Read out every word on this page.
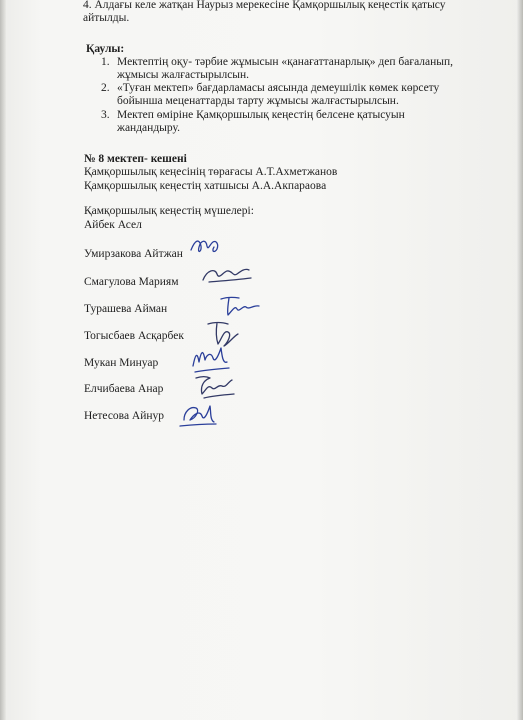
4. Алдағы келе жатқан Наурыз мерекесіне Қамқоршылық кеңестік қатысу
айтылды.
Қаулы:
1. Мектептің оқу- тәрбие жұмысын «қанағаттанарлық» деп бағаланып,
жұмысы жалғастырылсын.
2. «Туған мектеп» бағдарламасы аясында демеушілік көмек көрсету
бойынша меценаттарды тарту жұмысы жалғастырылсын.
3. Мектеп өміріне Қамқоршылық кеңестің белсене қатысуын
жандандыру.
№ 8 мектеп- кешені
Қамқоршылық кеңесінің төрағасы А.Т.Ахметжанов
Қамқоршылық кеңестің хатшысы А.А.Акпараова
Қамқоршылық кеңестің мүшелері:
Айбек Асел
Умирзакова Айтжан
Смагулова Мариям
Турашева Айман
Тогысбаев Асқарбек
Мукан Минуар
Елчибаева Анар
Нетесова Айнур
